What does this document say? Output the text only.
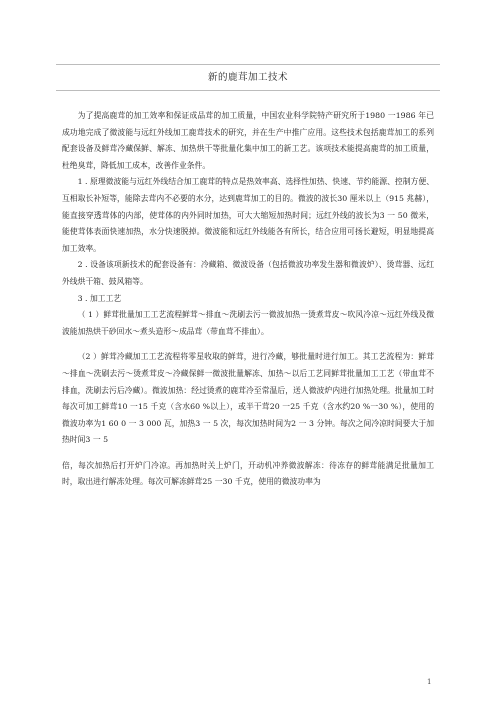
新的鹿茸加工技术

为了提高鹿茸的加工效率和保证成品茸的加工质量，中国农业科学院特产研究所于1980 一1986 年已成功地完成了微波能与远红外线加工鹿茸技术的研究，并在生产中推广应用。这些技术包括鹿茸加工的系列配套设备及鲜茸冷藏保鲜、解冻、加热烘干等批量化集中加工的新工艺。该项技术能提高鹿茸的加工质量，杜绝臭茸，降低加工成本，改善作业条件。

1 . 原理微波能与远红外线结合加工鹿茸的特点是热效率高、选择性加热、快速、节约能源、控制方便、互相取长补短等，能除去茸内不必要的水分，达到鹿茸加工的目的。微波的波长30 厘米以上（915 兆赫），能直接穿透茸体的内部，使茸体的内外同时加热，可大大缩短加热时间；远红外线的波长为3 一 50 微米，能使茸体表面快速加热，水分快速脱掉。微波能和远红外线能各有所长，结合应用可扬长避短，明显地提高加工效率。

2 . 设备该项新技术的配套设备有：冷藏箱、微波设备（包括微波功率发生器和微波炉）、烫茸器、远红外线烘干箱、鼓风箱等。

3 . 加工工艺

（ 1 ）鲜茸批量加工工艺流程鲜茸～排血～洗刷去污一微波加热一烫煮茸皮～吹风冷凉～远红外线及微波能加热烘干砂回水～煮头造形～成品茸（带血茸不排血）。

（2 ）鲜茸冷藏加工工艺流程将零星收取的鲜茸，进行冷藏，够批量时进行加工。其工艺流程为：鲜茸～排血～洗刷去污～烫煮茸皮～冷藏保鲜一微波批量解冻、加热～以后工艺同鲜茸批量加工工艺（带血茸不排血，洗刷去污后冷藏）。微波加热：经过烫煮的鹿茸冷至常温后，送人微波炉内进行加热处理。批量加工时每次可加工鲜茸10 一15 千克（含水60 %以上），或半干茸20 一25 千克（含水约20 %一30 %），使用的微波功率为1 60 0 一 3 000 瓦，加热3 一 5 次，每次加热时间为2 一 3 分钟。每次之间冷凉时间要大于加热时间3 一 5

倍，每次加热后打开炉门冷凉。再加热时关上炉门，开动机冲养微波解冻：待冻存的鲜茸能满足批量加工时，取出进行解冻处理。每次可解冻鲜茸25 一30 千克，使用的微波功率为

1
